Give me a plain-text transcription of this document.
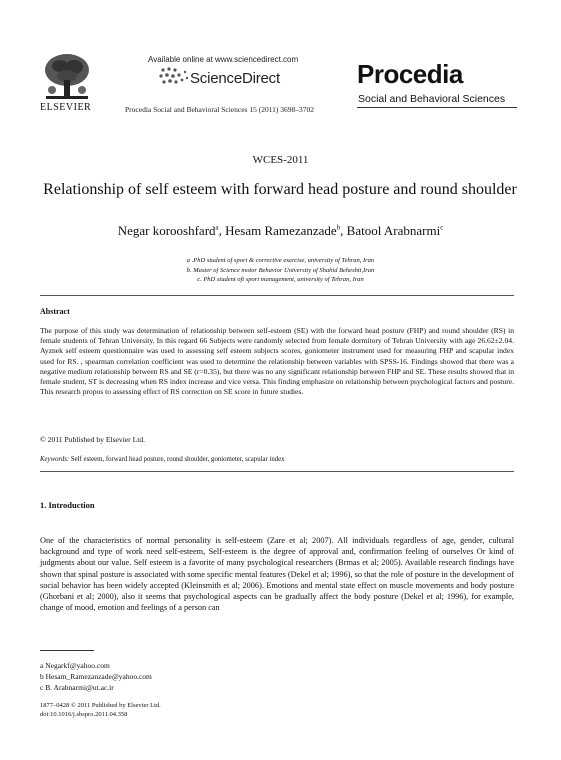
ELSEVIER
Available online at www.sciencedirect.com
ScienceDirect
Procedia Social and Behavioral Sciences 15 (2011) 3698–3702
Procedia
Social and Behavioral Sciences
WCES-2011
Relationship of self esteem with forward head posture and round shoulder
Negar korooshfard$^a$, Hesam Ramezanzade$^b$, Batool Arabnarmi$^c$
a .PhD student of sport & corrective exercise, university of Tehran, Iran
b. Master of Science motor Behavior University of Shahid Beheshti,Iran
c. PhD student oft sport management, university of Tehran, Iran
Abstract
The purpose of this study was determination of relationship between self-esteem (SE) with the forward head posture (FHP) and round shoulder (RS) in female students of Tehran University. In this regard 66 Subjects were randomly selected from female dormitory of Tehran University with age 26.62±2.04. Ayznek self esteem questionnaire was used to assessing self esteem subjects scores, goniometer instrument used for measuring FHP and scapular index used for RS. , spearman correlation coefficient was used to determine the relationship between variables with SPSS-16. Findings showed that there was a negative medium relationship between RS and SE (r=0.35), but there was no any significant relationship between FHP and SE. These results showed that in female student, ST is decreasing when RS index increase and vice versa. This finding emphasize on relationship between psychological factors and posture. This research propos to assessing effect of RS correction on SE score in future studies.
© 2011 Published by Elsevier Ltd.
Keywords: Self esteem, forward head posture, round shoulder, goniometer, scapular index
1. Introduction
One of the characteristics of normal personality is self-esteem (Zare et al; 2007). All individuals regardless of age, gender, cultural background and type of work need self-esteem, Self-esteem is the degree of approval and, confirmation feeling of ourselves Or kind of judgments about our value. Self esteem is a favorite of many psychological researchers (Brmas et al; 2005). Available research findings have shown that spinal posture is associated with some specific mental features (Dekel et al; 1996), so that the role of posture in the development of social behavior has been widely accepted (Kleinsmith et al; 2006). Emotions and mental state effect on muscle movements and body posture (Ghorbani et al; 2000), also it seems that psychological aspects can be gradually affect the body posture (Dekel et al; 1996), for example, change of mood, emotion and feelings of a person can
a Negarkf@yahoo.com
b Hesam_Ramezanzade@yahoo.com
c B. Arabnarmi@ut.ac.ir
1877–0428 © 2011 Published by Elsevier Ltd.
doi:10.1016/j.sbspro.2011.04.358
